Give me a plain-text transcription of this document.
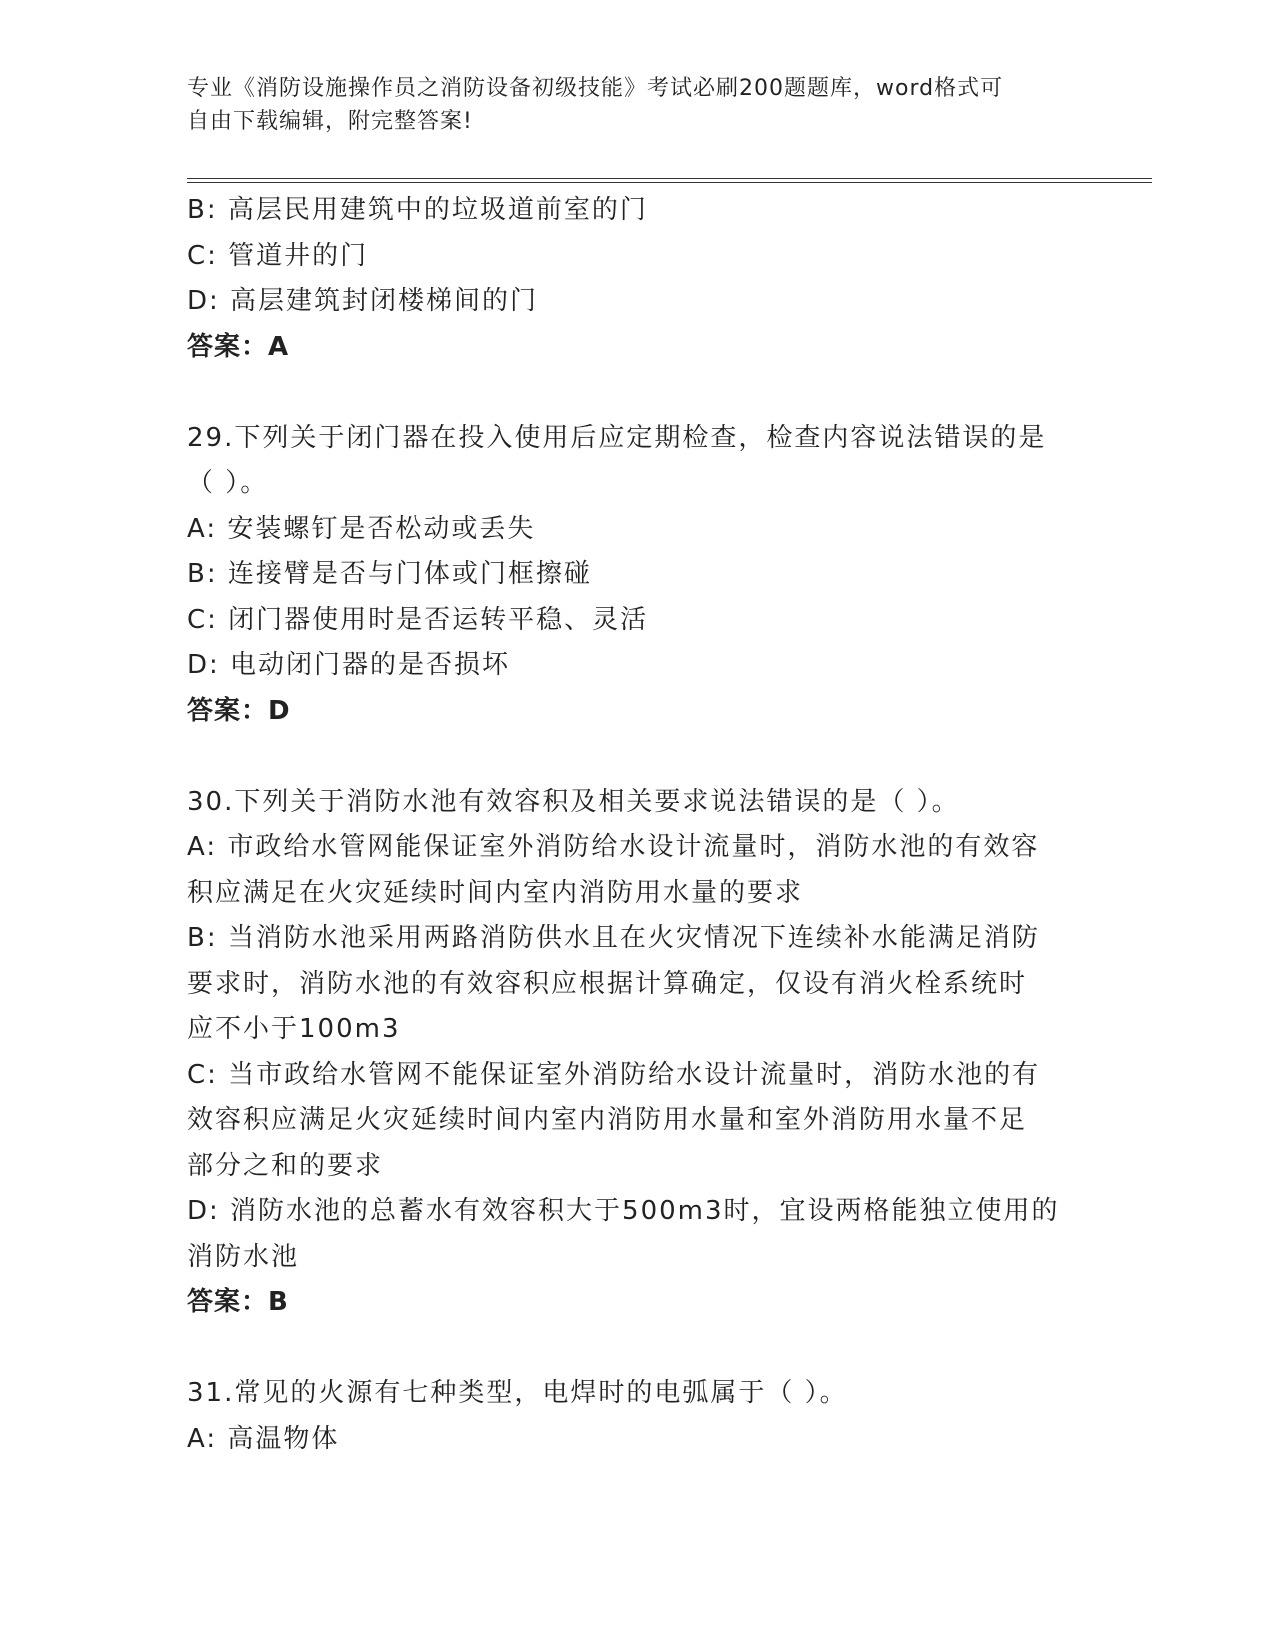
专业《消防设施操作员之消防设备初级技能》考试必刷200题题库，word格式可
自由下载编辑，附完整答案!
B: 高层民用建筑中的垃圾道前室的门
C: 管道井的门
D: 高层建筑封闭楼梯间的门
答案：A
29.下列关于闭门器在投入使用后应定期检查，检查内容说法错误的是
（ ）。
A: 安装螺钉是否松动或丢失
B: 连接臂是否与门体或门框擦碰
C: 闭门器使用时是否运转平稳、灵活
D: 电动闭门器的是否损坏
答案：D
30.下列关于消防水池有效容积及相关要求说法错误的是（ ）。
A: 市政给水管网能保证室外消防给水设计流量时，消防水池的有效容
积应满足在火灾延续时间内室内消防用水量的要求
B: 当消防水池采用两路消防供水且在火灾情况下连续补水能满足消防
要求时，消防水池的有效容积应根据计算确定，仅设有消火栓系统时
应不小于100m3
C: 当市政给水管网不能保证室外消防给水设计流量时，消防水池的有
效容积应满足火灾延续时间内室内消防用水量和室外消防用水量不足
部分之和的要求
D: 消防水池的总蓄水有效容积大于500m3时，宜设两格能独立使用的
消防水池
答案：B
31.常见的火源有七种类型，电焊时的电弧属于（ ）。
A: 高温物体
